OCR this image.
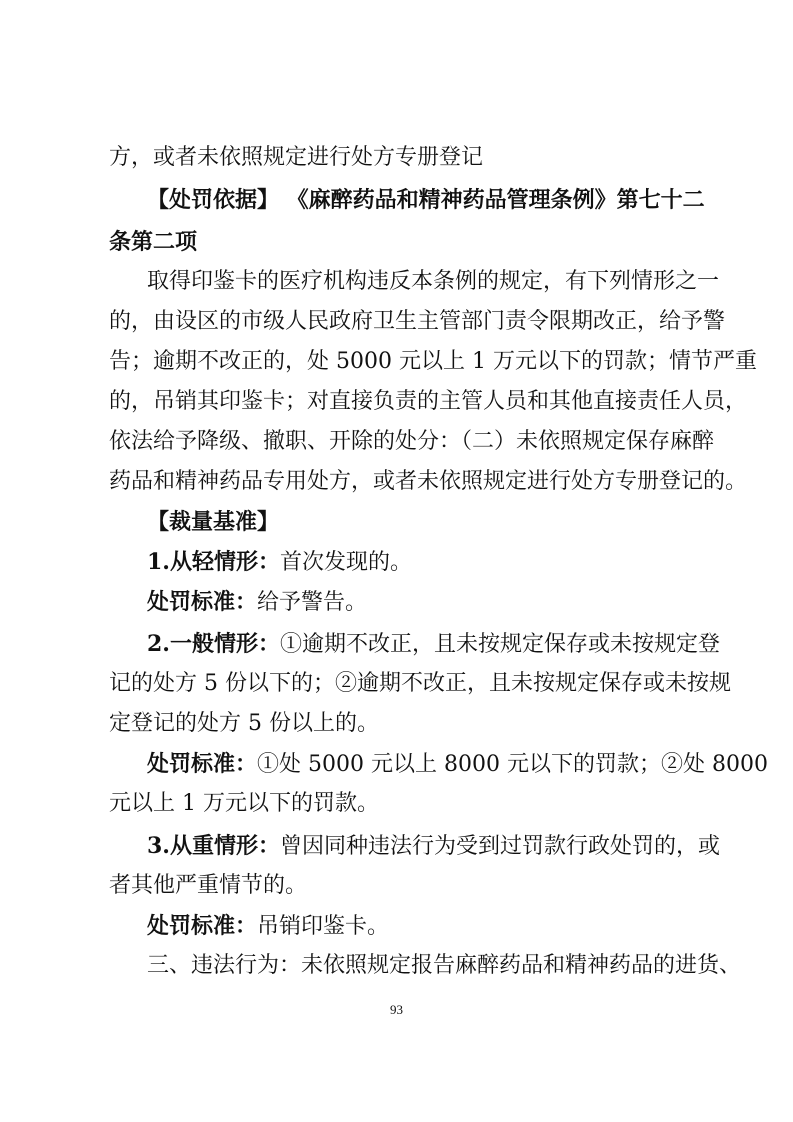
方，或者未依照规定进行处方专册登记
【处罚依据】 《麻醉药品和精神药品管理条例》第七十二
条第二项
取得印鉴卡的医疗机构违反本条例的规定，有下列情形之一
的，由设区的市级人民政府卫生主管部门责令限期改正，给予警
告；逾期不改正的，处 5000 元以上 1 万元以下的罚款；情节严重
的，吊销其印鉴卡；对直接负责的主管人员和其他直接责任人员，
依法给予降级、撤职、开除的处分：（二）未依照规定保存麻醉
药品和精神药品专用处方，或者未依照规定进行处方专册登记的。
【裁量基准】
1.从轻情形：首次发现的。
处罚标准：给予警告。
2.一般情形：①逾期不改正，且未按规定保存或未按规定登
记的处方 5 份以下的；②逾期不改正，且未按规定保存或未按规
定登记的处方 5 份以上的。
处罚标准：①处 5000 元以上 8000 元以下的罚款；②处 8000
元以上 1 万元以下的罚款。
3.从重情形：曾因同种违法行为受到过罚款行政处罚的，或
者其他严重情节的。
处罚标准：吊销印鉴卡。
三、违法行为：未依照规定报告麻醉药品和精神药品的进货、
93
